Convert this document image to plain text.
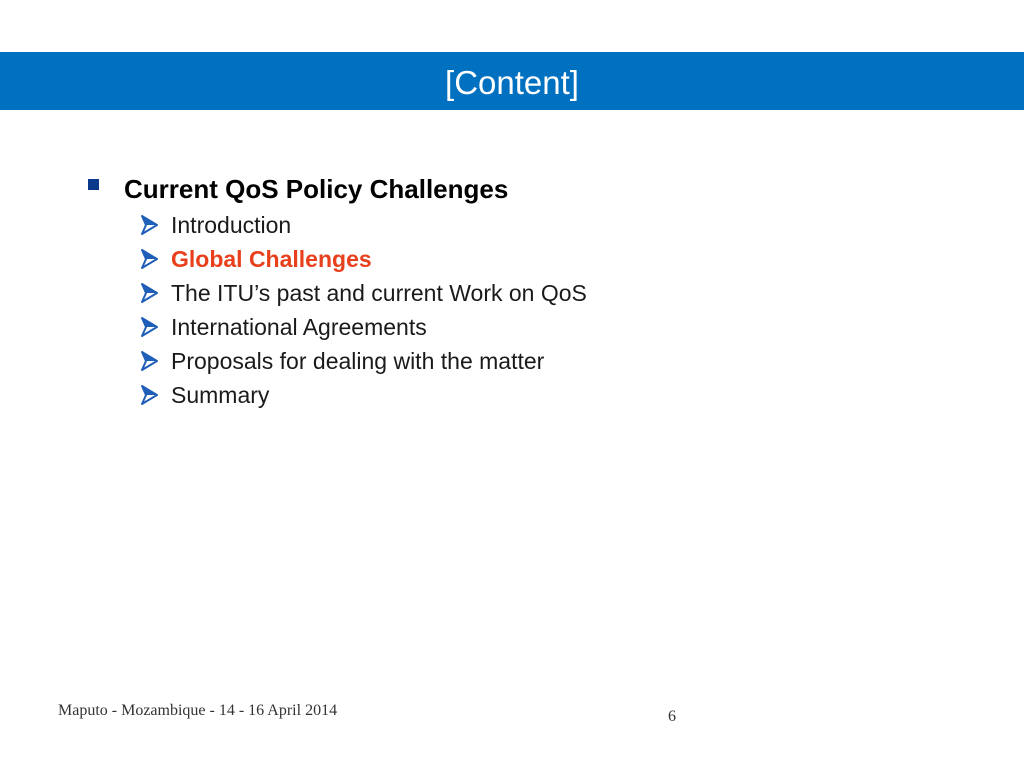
[Content]
Current QoS Policy Challenges
Introduction
Global Challenges
The ITU’s past and current Work on QoS
International Agreements
Proposals for dealing with the matter
Summary
Maputo - Mozambique - 14 - 16 April 2014	6
